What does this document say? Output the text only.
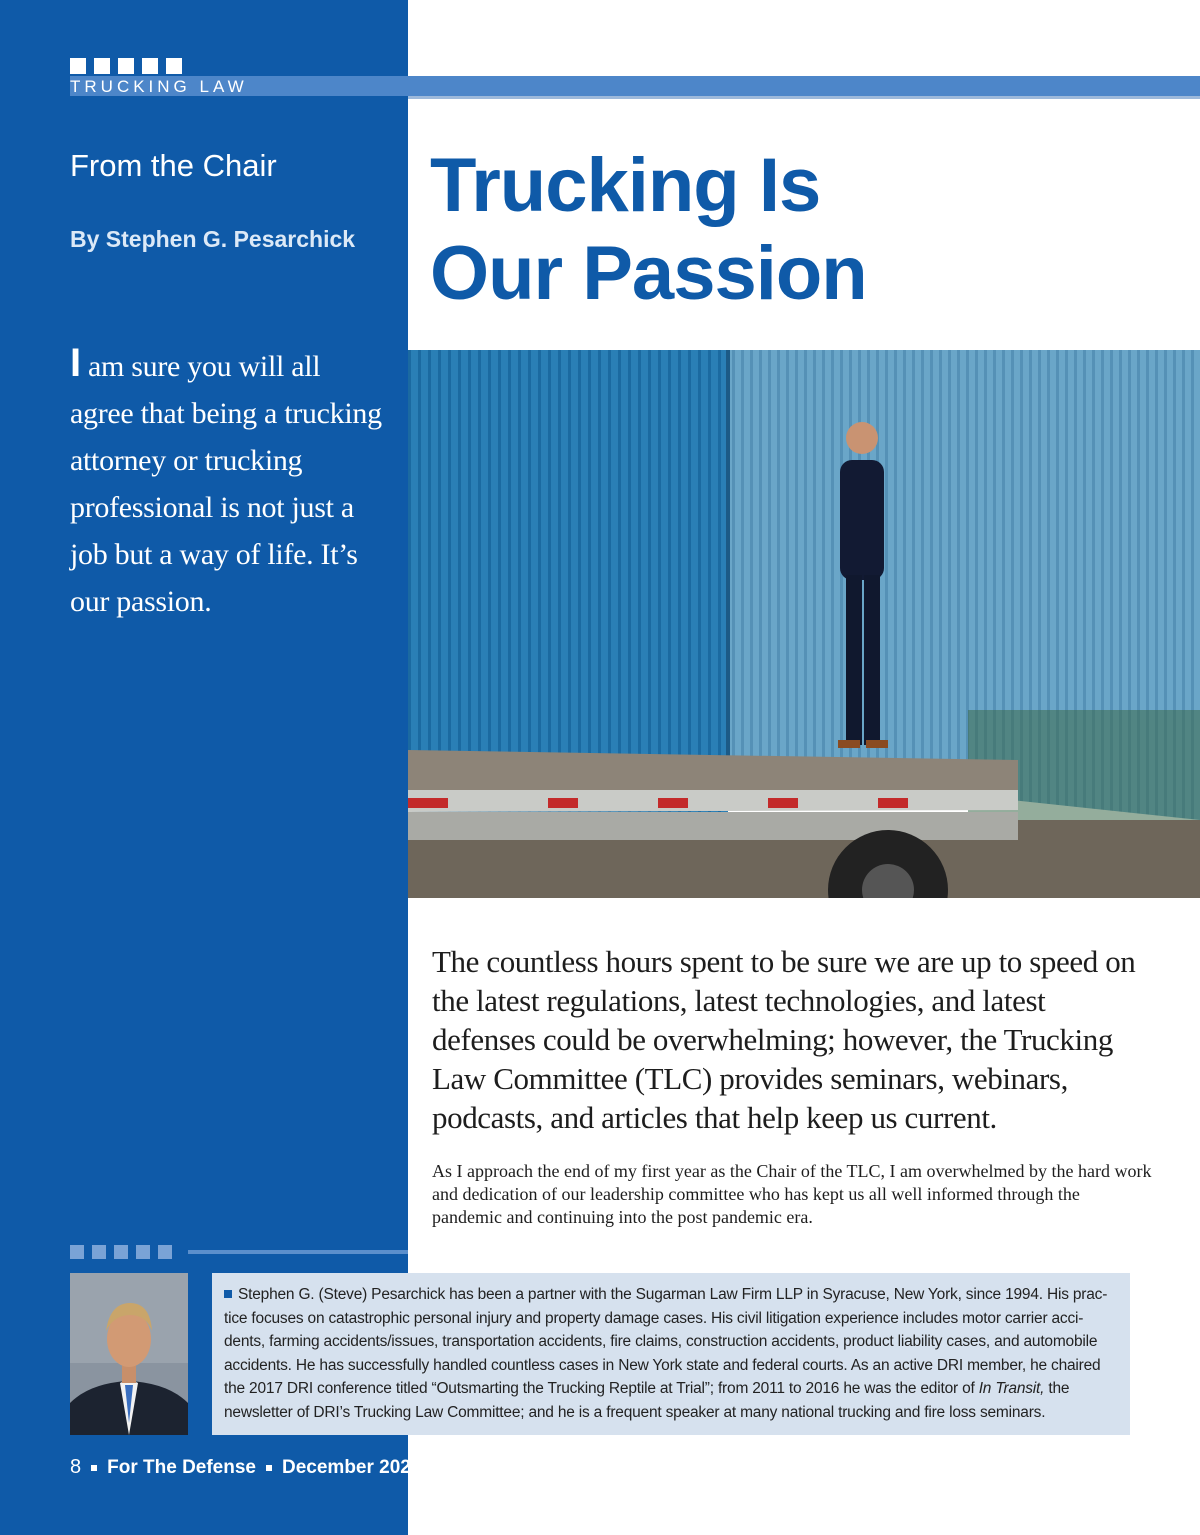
TRUCKING LAW
From the Chair
By Stephen G. Pesarchick
I am sure you will all agree that being a trucking attorney or trucking professional is not just a job but a way of life. It’s our passion.
Trucking Is
Our Passion
The countless hours spent to be sure we are up to speed on the latest regulations, latest technologies, and latest defenses could be overwhelming; however, the Trucking Law Committee (TLC) provides seminars, webinars, podcasts, and articles that help keep us current.
As I approach the end of my first year as the Chair of the TLC, I am overwhelmed by the hard work and dedication of our leadership committee who has kept us all well informed through the pandemic and continuing into the post pandemic era.
Stephen G. (Steve) Pesarchick has been a partner with the Sugarman Law Firm LLP in Syracuse, New York, since 1994. His prac- tice focuses on catastrophic personal injury and property damage cases. His civil litigation experience includes motor carrier acci- dents, farming accidents/issues, transportation accidents, fire claims, construction accidents, product liability cases, and automobile accidents. He has successfully handled countless cases in New York state and federal courts. As an active DRI member, he chaired the 2017 DRI conference titled “Outsmarting the Trucking Reptile at Trial”; from 2011 to 2016 he was the editor of In Transit, the newsletter of DRI’s Trucking Law Committee; and he is a frequent speaker at many national trucking and fire loss seminars.
8 For The Defense December 2021
